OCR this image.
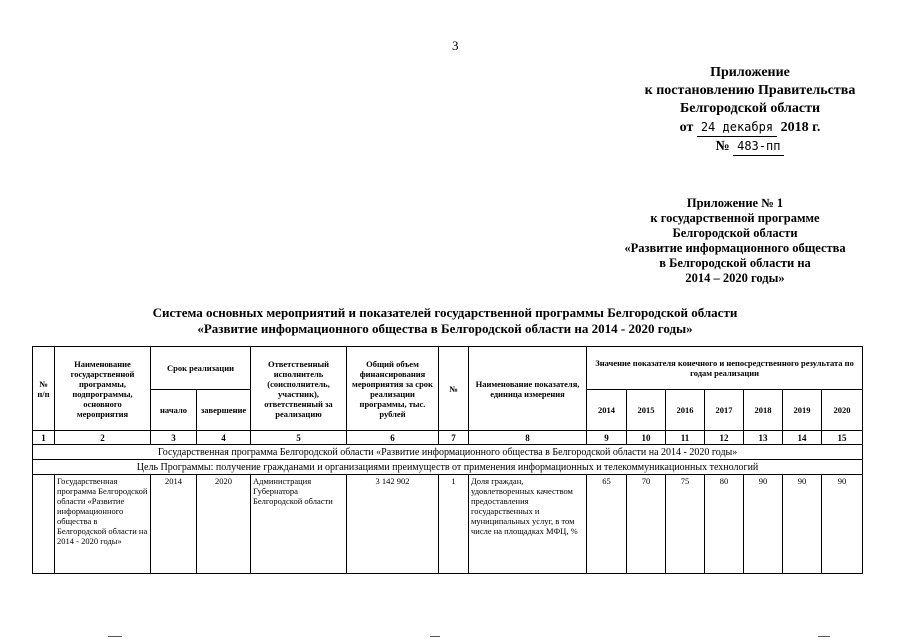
3
Приложение
к постановлению Правительства
Белгородской области
от 24 декабря 2018 г.
№ 483-пп
Приложение № 1
к государственной программе
Белгородской области
«Развитие информационного общества
в Белгородской области на
2014 – 2020 годы»
Система основных мероприятий и показателей государственной программы Белгородской области
«Развитие информационного общества в Белгородской области на 2014 - 2020 годы»
№ п/п	Наименование государственной программы, подпрограммы, основного мероприятия	Срок реализации		Ответственный исполнитель (соисполнитель, участник), ответственный за реализацию	Общий объем финансирования мероприятия за срок реализации программы, тыс. рублей	№	Наименование показателя, единица измерения	Значение показателя конечного и непосредственного результата по годам реализации						
		начало	завершение					2014	2015	2016	2017	2018	2019	2020
1	2	3	4	5	6	7	8	9	10	11	12	13	14	15
Государственная программа Белгородской области «Развитие информационного общества в Белгородской области на 2014 - 2020 годы»														
Цель Программы: получение гражданами и организациями преимуществ от применения информационных и телекоммуникационных технологий														
	Государственная программа Белгородской области «Развитие информационного общества в Белгородской области на 2014 - 2020 годы»	2014	2020	Администрация Губернатора Белгородской области	3 142 902	1	Доля граждан, удовлетворенных качеством предоставления государственных и муниципальных услуг, в том числе на площадках МФЦ, %	65	70	75	80	90	90	90
